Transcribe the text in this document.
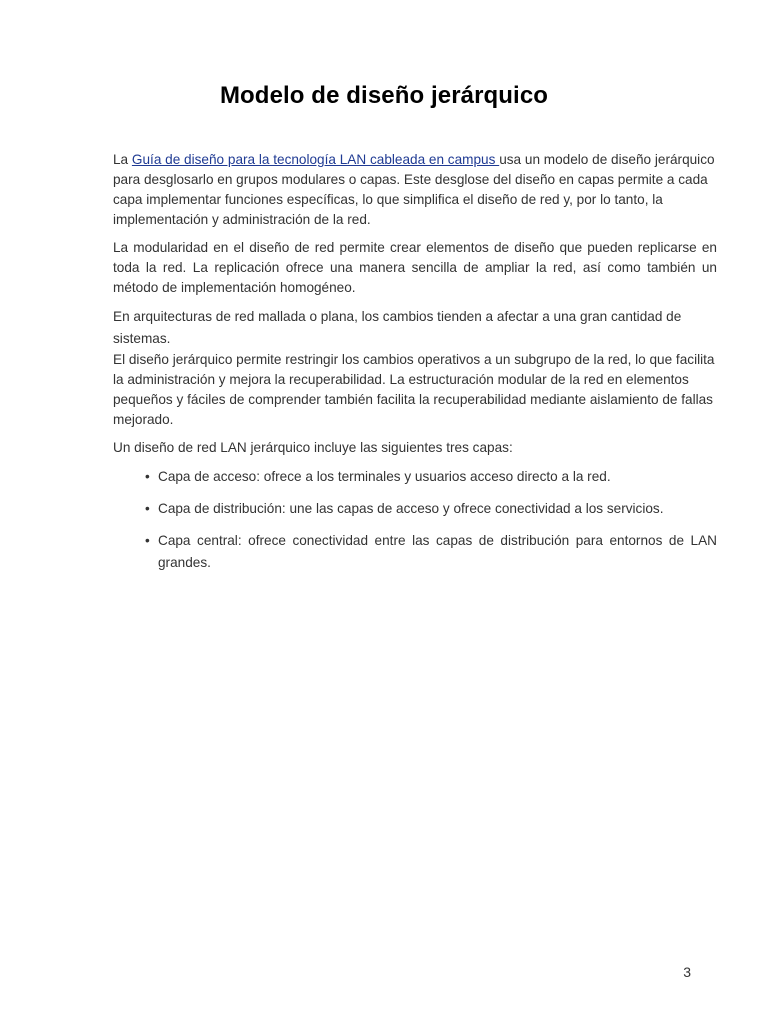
Modelo de diseño jerárquico

La Guía de diseño para la tecnología LAN cableada en campus usa un modelo de diseño jerárquico para desglosarlo en grupos modulares o capas. Este desglose del diseño en capas permite a cada capa implementar funciones específicas, lo que simplifica el diseño de red y, por lo tanto, la implementación y administración de la red.

La modularidad en el diseño de red permite crear elementos de diseño que pueden replicarse en toda la red. La replicación ofrece una manera sencilla de ampliar la red, así como también un método de implementación homogéneo.

En arquitecturas de red mallada o plana, los cambios tienden a afectar a una gran cantidad de sistemas.

El diseño jerárquico permite restringir los cambios operativos a un subgrupo de la red, lo que facilita la administración y mejora la recuperabilidad. La estructuración modular de la red en elementos pequeños y fáciles de comprender también facilita la recuperabilidad mediante aislamiento de fallas mejorado.

Un diseño de red LAN jerárquico incluye las siguientes tres capas:

• Capa de acceso: ofrece a los terminales y usuarios acceso directo a la red.
• Capa de distribución: une las capas de acceso y ofrece conectividad a los servicios.
• Capa central: ofrece conectividad entre las capas de distribución para entornos de LAN grandes.
3
